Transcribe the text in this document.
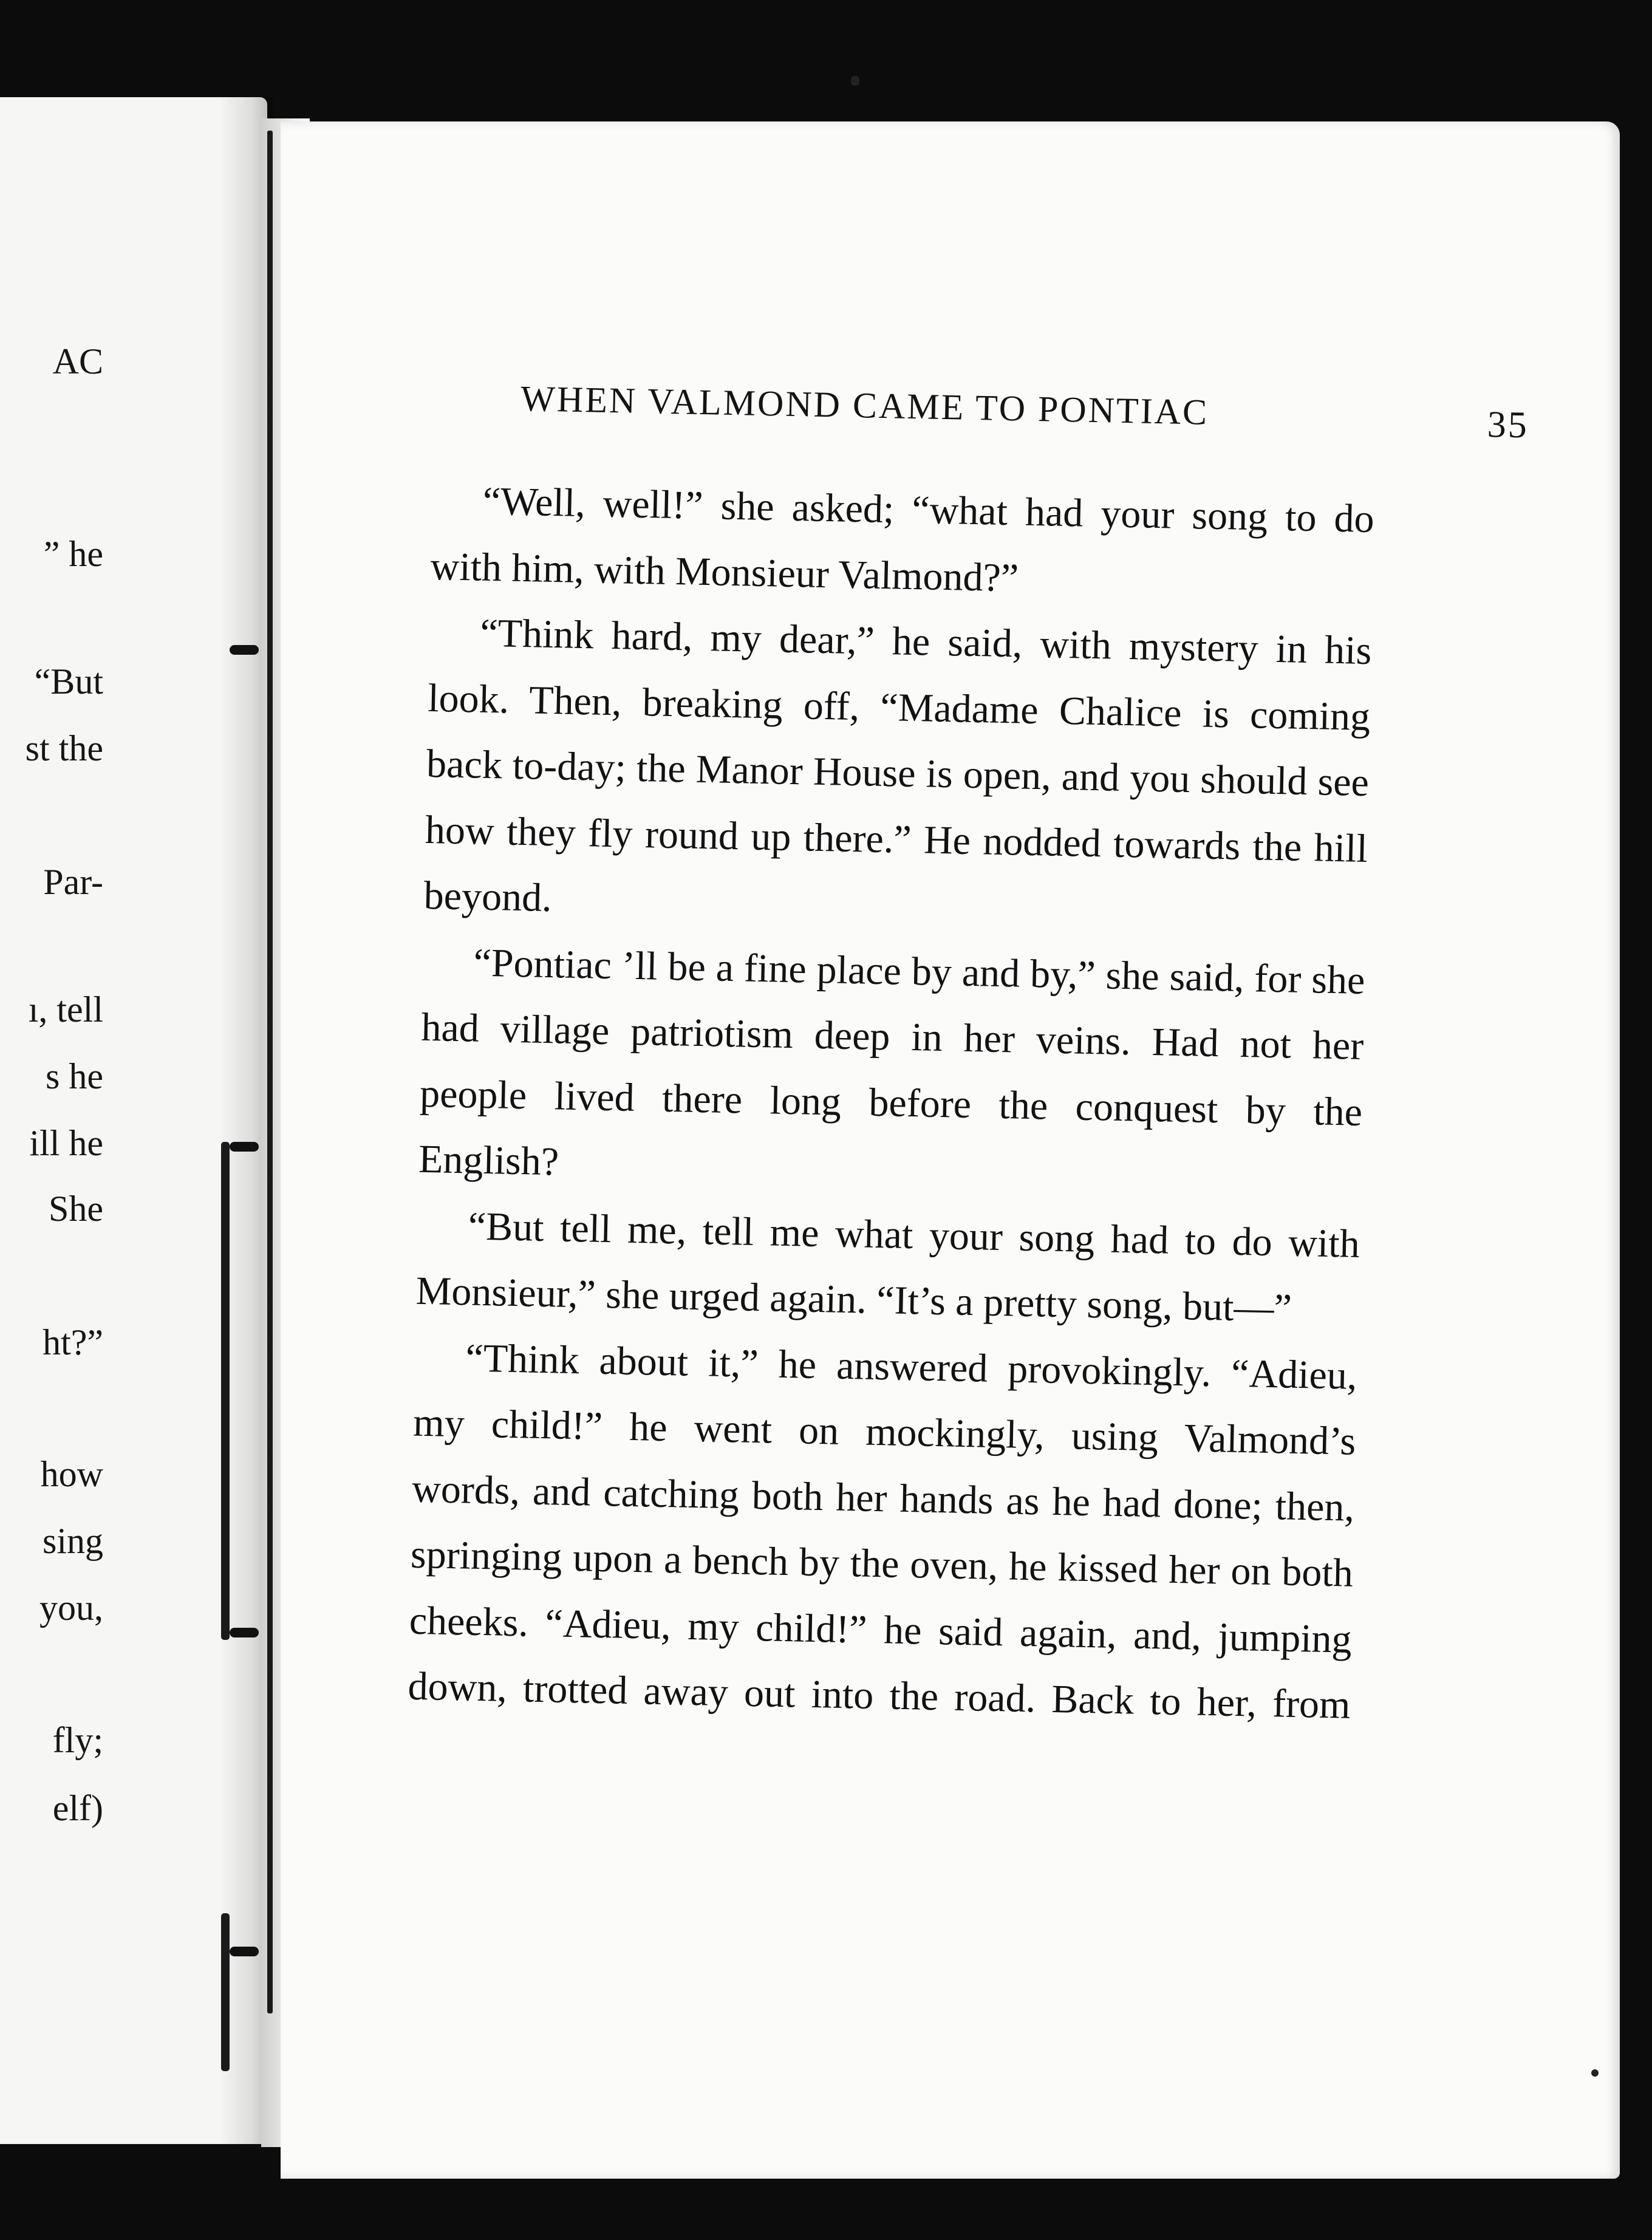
AC
” he
“But
st the
Par-
ı, tell
s he
ill he
She
ht?”
how
sing
you,
fly;
elf)
WHEN VALMOND CAME TO PONTIAC	35

“Well, well!” she asked; “what had your song to do with him, with Monsieur Valmond?”

“Think hard, my dear,” he said, with mystery in his look. Then, breaking off, “Madame Chalice is coming back to-day; the Manor House is open, and you should see how they fly round up there.” He nodded towards the hill beyond.

“Pontiac ’ll be a fine place by and by,” she said, for she had village patriotism deep in her veins. Had not her people lived there long before the conquest by the English?

“But tell me, tell me what your song had to do with Monsieur,” she urged again. “It’s a pretty song, but—”

“Think about it,” he answered provokingly. “Adieu, my child!” he went on mockingly, using Valmond’s words, and catching both her hands as he had done; then, springing upon a bench by the oven, he kissed her on both cheeks. “Adieu, my child!” he said again, and, jumping down, trotted away out into the road. Back to her, from
